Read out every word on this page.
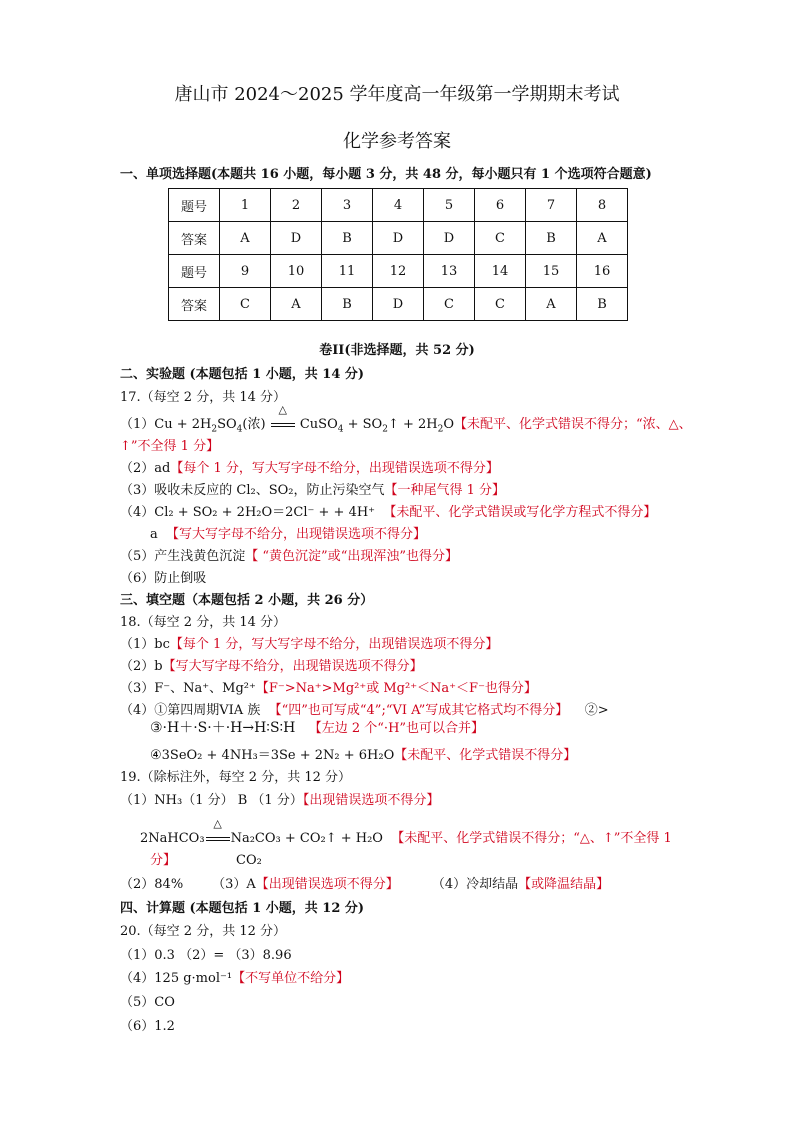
唐山市 2024～2025 学年度高一年级第一学期期末考试
化学参考答案
一、单项选择题(本题共 16 小题，每小题 3 分，共 48 分，每小题只有 1 个选项符合题意)
题号	1	2	3	4	5	6	7	8
答案	A	D	B	D	D	C	B	A
题号	9	10	11	12	13	14	15	16
答案	C	A	B	D	C	C	A	B
卷II(非选择题，共 52 分)
二、实验题 (本题包括 1 小题，共 14 分)
17.（每空 2 分，共 14 分）
$(1)Cu + 2H_2SO_4$(浓)
△
CuSO$_4$ + $SO_2↑ + 2H_2O$【未配平、化学式错误不得分；“浓、△、
↑”不全得 1 分】
（2）ad【每个 1 分，写大写字母不给分，出现错误选项不得分】
（3）吸收未反应的 Cl₂、SO₂，防止污染空气【一种尾气得 1 分】
（4）Cl₂ + SO₂ + 2H₂O＝2Cl⁻ + + 4H⁺ 【未配平、化学式错误或写化学方程式不得分】
a 【写大写字母不给分，出现错误选项不得分】
（5）产生浅黄色沉淀【 “黄色沉淀”或“出现浑浊”也得分】
（6）防止倒吸
三、填空题（本题包括 2 小题，共 26 分）
18.（每空 2 分，共 14 分）
（1）bc【每个 1 分，写大写字母不给分，出现错误选项不得分】
（2）b【写大写字母不给分，出现错误选项不得分】
（3）F⁻、Na⁺、Mg²⁺【F⁻>Na⁺>Mg²⁺或 Mg²⁺＜Na⁺＜F⁻也得分】
（4）①第四周期VIA 族 【“四”也可写成“4”;“VI A”写成其它格式均不得分】 ②>
③·H＋·S·＋·H→H∶S∶H 【左边 2 个“·H”也可以合并】
④3SeO₂ + 4NH₃＝3Se + 2N₂ + 6H₂O【未配平、化学式错误不得分】
19.（除标注外，每空 2 分，共 12 分）
（1）NH₃（1 分） B （1 分）【出现错误选项不得分】
2NaHCO₃
△
Na₂CO₃ + CO₂↑ + H₂O 【未配平、化学式错误不得分；“△、↑”不全得 1
分】	CO₂
（2）84% （3）A【出现错误选项不得分】	（4）冷却结晶【或降温结晶】
四、计算题 (本题包括 1 小题，共 12 分)
20.（每空 2 分，共 12 分）
（1）0.3 （2）= （3）8.96
（4）125 g·mol⁻¹【不写单位不给分】
（5）CO
（6）1.2
